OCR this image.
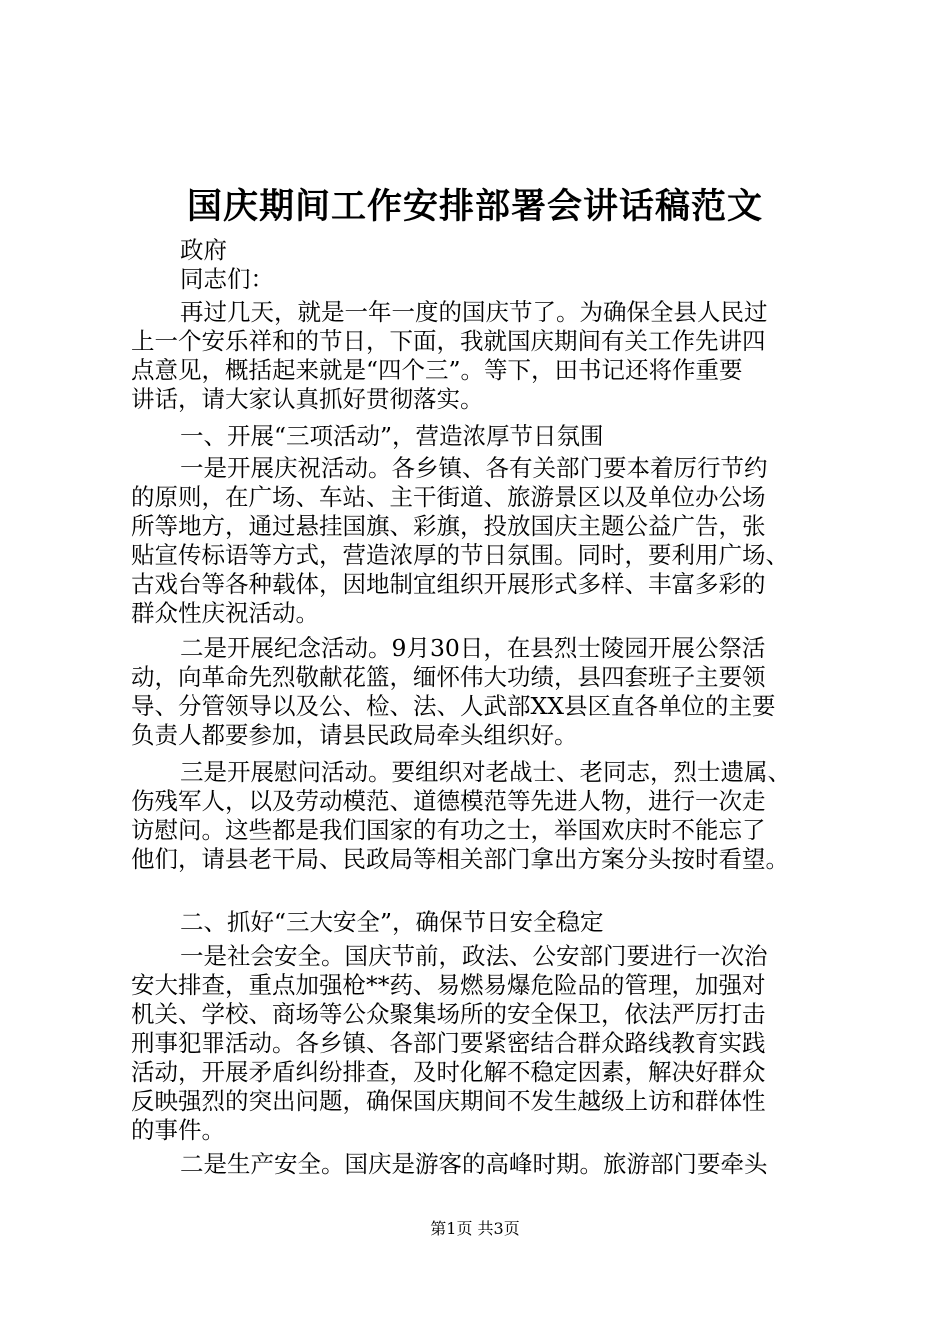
国庆期间工作安排部署会讲话稿范文
政府
同志们：
再过几天，就是一年一度的国庆节了。为确保全县人民过
上一个安乐祥和的节日，下面，我就国庆期间有关工作先讲四
点意见，概括起来就是“四个三”。等下，田书记还将作重要
讲话，请大家认真抓好贯彻落实。
一、开展“三项活动”，营造浓厚节日氛围
一是开展庆祝活动。各乡镇、各有关部门要本着厉行节约
的原则，在广场、车站、主干街道、旅游景区以及单位办公场
所等地方，通过悬挂国旗、彩旗，投放国庆主题公益广告，张
贴宣传标语等方式，营造浓厚的节日氛围。同时，要利用广场、
古戏台等各种载体，因地制宜组织开展形式多样、丰富多彩的
群众性庆祝活动。
二是开展纪念活动。9月30日，在县烈士陵园开展公祭活
动，向革命先烈敬献花篮，缅怀伟大功绩，县四套班子主要领
导、分管领导以及公、检、法、人武部XX县区直各单位的主要
负责人都要参加，请县民政局牵头组织好。
三是开展慰问活动。要组织对老战士、老同志，烈士遗属、
伤残军人，以及劳动模范、道德模范等先进人物，进行一次走
访慰问。这些都是我们国家的有功之士，举国欢庆时不能忘了
他们，请县老干局、民政局等相关部门拿出方案分头按时看望。
二、抓好“三大安全”，确保节日安全稳定
一是社会安全。国庆节前，政法、公安部门要进行一次治
安大排查，重点加强枪**药、易燃易爆危险品的管理，加强对
机关、学校、商场等公众聚集场所的安全保卫，依法严厉打击
刑事犯罪活动。各乡镇、各部门要紧密结合群众路线教育实践
活动，开展矛盾纠纷排查，及时化解不稳定因素，解决好群众
反映强烈的突出问题，确保国庆期间不发生越级上访和群体性
的事件。
二是生产安全。国庆是游客的高峰时期。旅游部门要牵头
第1页 共3页
